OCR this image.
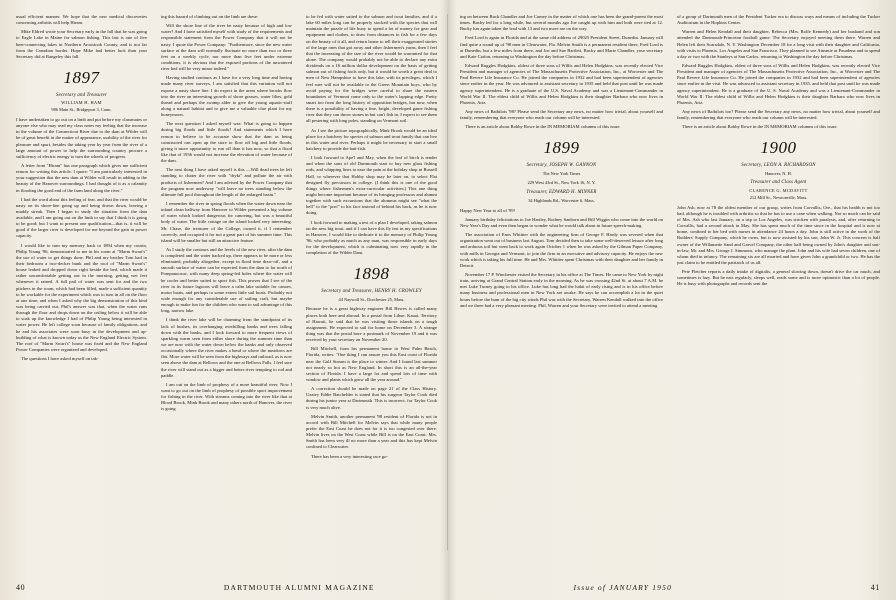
usual efficient manner. We hope that the new medical discoveries concerning arthritis will help Hiram.

Mike Eldred wrote your Secretary early in the fall that he was going to Eagle Lake in Maine for salmon fishing. This last is one of five beer-connecting lakes in Northern Aroostook County, and is not far from the Canadian border. Hope Mike had better luck than your Secretary did at Rangeley this fall.

1897
Secretary and Treasurer
WILLIAM H. HAM
986 Main St., Bridgeport 3, Conn.

I have undertaken to go out on a limb and put before my classmates or anyone else who may read my class notes my feeling that the increase in the volume of the Connecticut River due to the dam at Wilder will be of great benefit in the matter of appearance, usability of the river for pleasure and sport, besides the taking year by year from the river of a large amount of power to help the surrounding country procure a sufficiency of electric energy to turn the wheels of progress.

A letter from "Hiram" has one paragraph which gives me sufficient reason for writing this article. I quote: "I am particularly interested in your suggestion that the new dam at Wilder will result in adding to the beauty of the Hanover surroundings. I had thought of it as a calamity in flooding the good end of the farm land along the river."

I had the word about this feeling of fear, and that the river would be nasty on its shore-line going up and being drawn down, leaving a muddy streak. Then I began to study the situation from the data available, and I am going out on the limb to say that I think it is going to be good; but I want to present one qualification—that is, it will be good if the larger river is developed for me beyond the gain in power capacity.

I would like to turn my memory back to 1894 when my cousin, Philip Young '96, demonstrated to me in his room at "Marm Swart's" the use of water to get things done. Phil and my brother Tom had in their bedroom a two-decker bunk and the roof of "Marm Swart's" house leaked and dropped down right beside the bed, which made it rather uncomfortable getting out in the morning, getting wet feet whenever it rained. A full pail of water was sent for and the two pitchers in the room, which had been filled, made a sufficient quantity to be workable for the experiment which was to turn in all on the floor at one time; and when I asked why the big demonstration of this kind was being carried out, Phil's answer was that, when the water runs through the floor and drops down on the ceiling below it will be able to soak up the knowledge I had of Philip Young being interested in water power. He left college soon because of family obligations, and he and his associates were soon busy in the development and up-building of what is known today as the New England Electric System. The roof of "Marm Swart's" house was fixed and the New England Power Companies were organized and developed.

The questions I have asked myself on tak-

ing this hazard of climbing out on the limb are these:

Will the shore line of the river be nasty because of high and low water? And I have satisfied myself with study of the requirements and responsible statement from the Power Company that it will not be nasty. I quote the Power Company: "Furthermore, since the new water surface at the dam will normally fluctuate no more than two or three feet on a weekly cycle, nor more than five feet under extreme conditions, it is obvious that the exposed portions of the unwatered river bed will be very minor indeed."

Having studied contours as I have for a very long time and having made many river surveys, I am satisfied that this variation will not expose a nasty shore line. I do expect in the areas where brooks flow into the river an interesting growth of shore grasses, water lilies, gold thread and perhaps the swamp alder to give the young aquatic-stuff along a natural habitat and to give me a valuable clue plant for my honeymoon.

The next question I asked myself was: What is going to happen during big floods and little floods? And statements which I have reason to believe to be accurate show that the dam as being constructed can open up the store to flow off big and little floods, giving it more opportunity to run off than it has now, so that a flood like that of 1936 would not increase the elevation of water because of the dam.

The next thing I have asked myself is this —Will dead trees be left standing to clutter the river with "dryki" and pollute the air with products of fishermen? And I am advised by the Power Company that the program now underway "will leave no trees standing below the ultimate full pool throughout the length of the enlarged basin."

I remember the river in spring floods when the water down near the inland clean halfway from Hanover to Wilder presented a big volume of water which looked dangerous for canoeing, but was a beautiful body of water. The little cottage on the island looked very interesting. Mr. Chase, the treasurer of the College, owned it, if I remember correctly, and occupied it for not a great part of his summer time. This island will be smaller but still an attractive feature.

As I study the contours and the levels of the new river, after the dam is completed and the water backed up, there appears to be more or less eliminated, probably altogether, except in flood time draw-off, and a smooth surface of water can be expected from the dam to far north of Pompanoosuc, with many deep spring-fed holes where the water will be cooler and better suited to sport fish. This proves that I see of the river in its future lagoons will leave a calm lake suitable for canoes, motor boats, and perhaps to some extent little sail boats. Probably not wide enough for any considerable use of sailing craft, but maybe enough to make fun for the children who want to sail advantage of this long, narrow lake.

I think the river lake will be charming from the standpoint of its lack of bushes, its overhanging overhilling banks and trees falling down with the banks, and I look forward to more frequent views of sparkling warm seen from either shore during the summer time than we are now with the water down below the banks and only observed occasionally where the river makes a bend or where the meadows are flat. More water will be seen from the highways and railroad, as is now seen above the dam at Bellows and the one at Bellows Falls. I feel sure the river will stand out as a bigger and better river tempting to rod and paddle.

I am out on the limb of prophesy of a more beautiful river. Now I want to go out on the limb of prophesy of possible sport improvement for fishing in the river. With streams coming into the river like that at Blood Brook, Mink Brook and many others north of Hanover, the river is going

to be fed with water suited to the salmon and trout families, and if a lake 60 miles long can be properly stocked with the species that will maintain the puzzle of life buoy to spend a lot of money for gear and equipment and clothes, to draw from distances to fish for a few days on the beauty of it all, and return home to tell their exaggerated stories of the large ones that got away and other fishermen's yarns, then I feel that the increasing of the size of the river would be warranted for that alone. The company would probably not be able to declare any extra dividends on a 16 million dollar development on the basis of getting salmon out of fishing fools only, but it would be worth a great deal to men of New Hampshire to have this lake, with its privileges, which I feel sure will not be available to the Green Mountain boys, who by avoid paying for the bridges were careful to share the eastern boundaries of Vermont come only to the water's lapping edge. Pretty smart too from the long history of opposition bridges, but now, when there is a possibility of having a fine, bright, developed game fishing river that they can throw stones in but can't fish in, I expect to see them all pestering with long poles, standing on Vermont soil.

As I see the picture topographically, Mink Brook would be an ideal place for a hatchery for species of salmon and trout family that can live in this water and river. Perhaps it might be necessary to start a small hatchery to provide the bait-fish.

I look forward to Ape'l and May, when the leaf of birch is tender and when the sons of old Dartmouth start to buy new glass fishing rods, and whipping lines to ease the pain at the holiday shop in Russell Hall, or wherever that Hobby shop may be later on, to select Flat designed fly precursors in college. (I think this is one of the good things where fishermen's extra-curricular activities.) This one thing might become important because of its bringing professors and alumni together with such excursions that the alumnus might see "what the hell" to the "prof" to his face instead of behind his back, as he is now doing.

I look forward to making a test of a plan I developed, taking salmon on the new big trout, and if I can have this fly test in my specifications in Hanover, I would like to dedicate it to the memory of Philip Young '96, who probably as much as any man, was responsible in early days for the development, which is culminating now very rapidly in the completion of the Wilder Dam.

1898
Secretary and Treasurer, HENRY H. CROWLEY
44 Naywoll St., Dorchester 25, Mass.

Because he is a great highway engineer Bill Hewes is called many places both here and abroad. In a postal from Lihue, Kauai, Territory of Hawaii, he said that he was visiting those islands on a tough assignment. He expected to sail for home on December 3. A strange thing was that the postal bore a postmark of November 19 and it was received by your secretary on November 20.

Bill Mitchell, from his permanent home in West Palm Beach, Florida, writes: "One thing I can assure you this East coast of Florida near the Gulf Stream is the place to winter. And I found last summer not nearly so hot as New England. In short this is an all-the-year section of Florida. I have a large lot and spend lots of time with window and plants which grow all the year around."

A correction should be made on page 21 of the Class History. Uzziey Eddie Batchelder is stated that his surgeon Taylor Cook died during his junior year at Dartmouth. This is incorrect, for Taylor Cook is very much alive.

Melvin Smith, another permanent '98 resident of Florida is not in accord with Bill Mitchell for Melvin says that while many people prefer the East Coast he does not for it is too congested over there. Melvin lives on the West Coast while Bill is on the East Coast. Mrs. Smith has been very ill no more than a year and this has kept Melvin confined to Clearwater.

There has been a very interesting race go-

ing on between Buck Chandler and Joe Carney in the matter of which one has been the grand-parent the most times. Bucky led for a long while, but several months ago Joe caught up with him and both were tied at 12. Bucky has again taken the lead with 13 and two more are on the way.

Fred Lord is again in Florida and at the same old address of 29025 President Street, Dunedin. January will find quite a round up of '98 men in Clearwater, Fla. Melvin Smith is a permanent resident there, Fred Lord is at Dunedin, but a few miles from there, and Joe and Sue Bartlett, Bucky and Marie Chandler, your secretary and Kate Carlon, returning to Washington the day before Christmas.

Edward Ruggles Hodgkins, oldest of three sons of Willis and Helen Hodgkins, was recently elected Vice President and manager of agencies of The Massachusetts Protective Association, Inc., at Worcester and The Paul Revere Life Insurance Co. He joined the companies in 1932 and had been superintendent of agencies since earlier in the year. He was advanced to assistant secretary in 1935 and held that post until he was made agency superintendent. He is a graduate of the U.S. Naval Academy and was a Lieutenant-Commander in World War II. The eldest child of Willis and Helen Hodgkins is their daughter Barbara who now lives in Phoenix, Ariz.

Any news of Batbilots '98? Please send the Secretary any news, no matter how trivial, about yourself and family, remembering that everyone who reads our column will be interested.

There is an article about Bobby Rowe in the IN MEMORIAM columns of this issue.

1899
Secretary, JOSEPH W. GANNON
The New York Times
229 West 43rd St., New York 16, N. Y.
Treasurer, EDWARD H. MINNER
34 Highlands Rd., Worcester 6, Mass.

Happy New Year to all of '99!

January birthday felicitations to Joe Hartley, Rodney Sanborn and Bill Wiggin who come into the world on New Year's Day and even then began to wonder what he would talk about in future speech-making.

The association of Enos Whittier with the engineering firm of George F. Hardy was severed when that organization went out of business last August. Tom decided then to take some well-deserved leisure after long and arduous toil but went back to work again October 1 when he was asked by the Gilman Paper Company, with mills in Georgia and Vermont, to join the firm in an executive and advisory capacity. He enjoys the new work which is taking his full time. He and Mrs. Whittier spent Christmas with their daughter and her family in Detroit.

November 17 P. Winchester visited the Secretary in his office at The Times. He came to New York by night train, arriving at Grand Central Station early in the morning. As he was crossing 42nd St. at about 7 A.M. he met Luke Turney going to his office. Luke has long had the habit of early rising and is in his office before many business and professional men in New York are awake. He says he can accomplish a lot in the quiet hours before the hum of the big city winds Phil was with the Secretary, Warren Kendall walked into the office and we three had a very pleasant meeting. Phil, Warren and your Secretary were invited to attend a meeting

of a group of Dartmouth men of the President Tucker era to discuss ways and means of including the Tucker Auditorium in the Hopkins Center.

Warren and Helen Kendall and their daughter, Rebecca (Mrs. Rolfe Kennedy) and her husband and son attended the Dartmouth-Princeton football game. The Secretary enjoyed meeting them there. Warren and Helen left their Scarsdale, N. Y. Washington December 18 for a long visit with their daughter and California, with visits to Phoenix, Los Angeles and San Francisco. They planned to see Ainsmie at Pasadena and to spend a day or two with the Stanleys at San Carlos, returning to Washington the day before Christmas.

Edward Ruggles Hodgkins, eldest of three sons of Willis and Helen Hodgkins, was recently elected Vice President and manager of agencies of The Massachusetts Protective Association, Inc., at Worcester and The Paul Revere Life Insurance Co. He joined the companies in 1932 and had been superintendent of agencies since earlier in the visit. He was advanced to assistant secretary in 1935, and held that post until he was made agency superintendent. He is a graduate of the U. S. Naval Academy and was a Lieutenant-Commander in World War II. The eldest child of Willis and Helen Hodgkins is their daughter Barbara who now lives in Phoenix, Ariz.

Any news of Batbilots too? Please send the Secretary any news, no matter how trivial, about yourself and family, remembering that everyone who reads our column will be interested.

There is an article about Bobby Rowe in the IN MEMORIAM columns of this issue.

1900
Secretary, LEON A. RICHARDSON
Hanover, N. H.
Treasurer and Class Agent
CLARENCE G. MCDAVITT
212 Mill St., Newtonville, Mass.

John Ash, now at 78 the oldest member of our group, writes from Corvallis, Ore., that his health is not too bad, although he is troubled with arthritis so that he has to use a cane when walking. Not so much can be said of Mrs. Ash who last January, on a trip to Los Angeles, was stricken with paralysis, and, after returning to Corvallis, had a second attack in May. She has spent much of the time since in the hospital and is now at home, confined to her bed with nurses in attendance 24 hours a day. John is still active in the work of the Builders' Supply Company, which he owns, but is now assisted by his son, John W. Jr. This concern is half owner of the Willamette Sand and Gravel Company, the other half being owned by John's daughter and son-in-law, Mr. and Mrs. George J. Simmons, who manage the plant. John and his wife had seven children, one of whom died in infancy. The remaining six are all married and have given John a grandchild or two. He has the just claim to be entitled the patriarch of us all.

Pete Fletcher reports a daily intake of digitalis, a general slowing down, doesn't drive the car much, and sometimes is lazy. But he eats regularly, sleeps well, reads some and is more optimistic than a lot of people. He is busy with photographs and records sent the

40	DARTMOUTH ALUMNI MAGAZINE	Issue of JANUARY 1950	41
